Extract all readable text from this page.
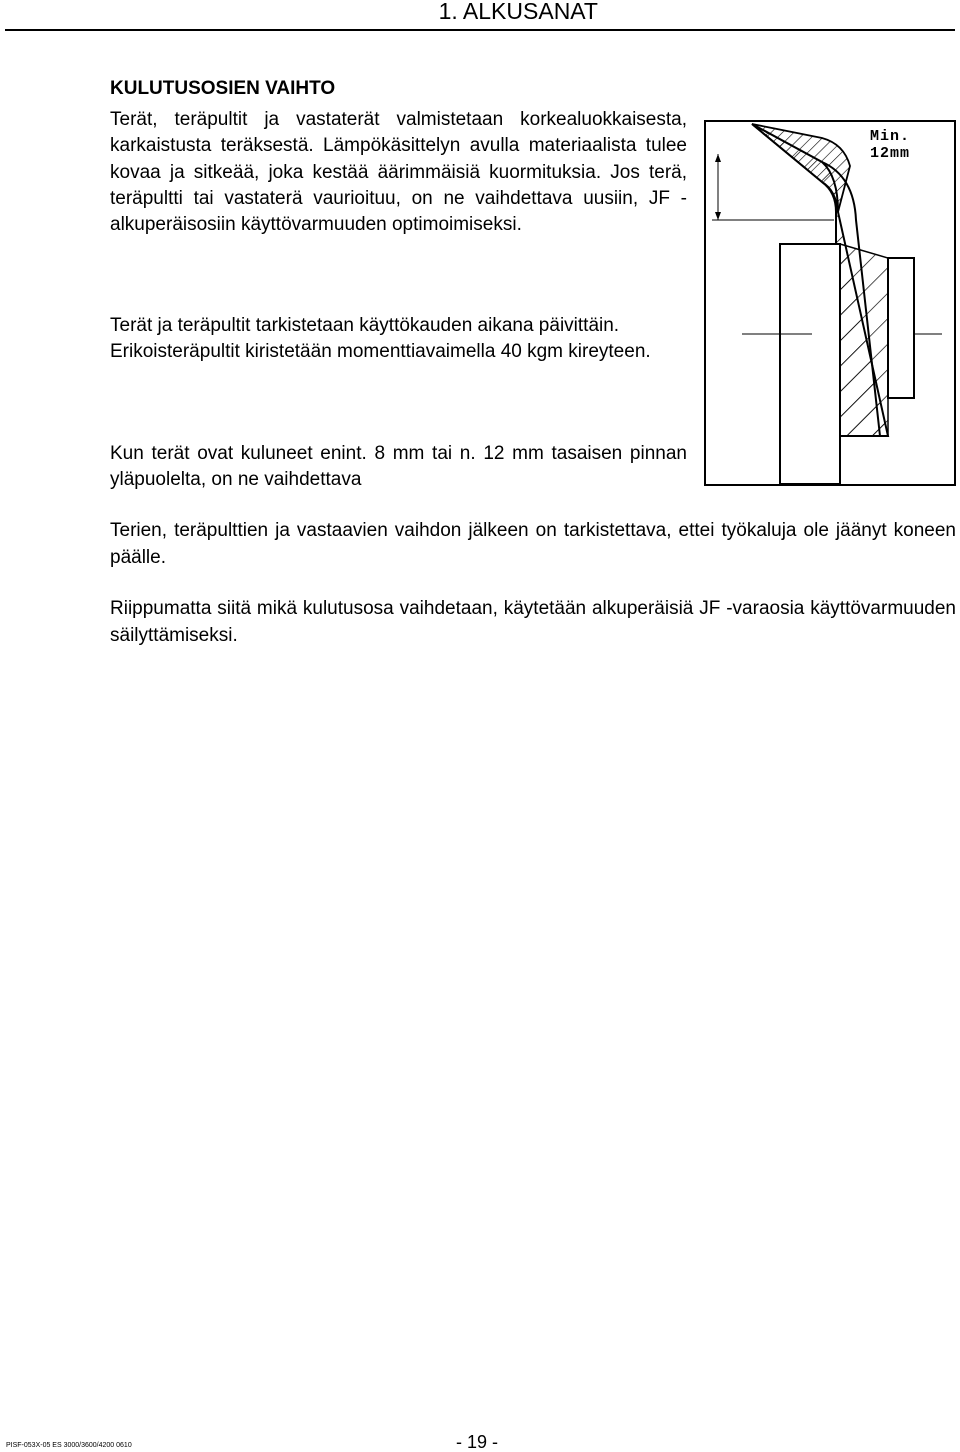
1. ALKUSANAT
KULUTUSOSIEN VAIHTO

Terät, teräpultit ja vastaterät valmistetaan korkealuokkaisesta, karkaistusta teräksestä. Lämpökäsittelyn avulla materiaalista tulee kovaa ja sitkeää, joka kestää äärimmäisiä kuormituksia. Jos terä, teräpultti tai vastaterä vaurioituu, on ne vaihdettava uusiin, JF -alkuperäisosiin käyttövarmuuden optimoimiseksi.

Terät ja teräpultit tarkistetaan käyttökauden aikana päivittäin.
Erikoisteräpultit kiristetään momenttiavaimella 40 kgm kireyteen.

Kun terät ovat kuluneet enint. 8 mm tai n. 12 mm tasaisen pinnan yläpuolelta, on ne vaihdettava

Min.
12mm

Terien, teräpulttien ja vastaavien vaihdon jälkeen on tarkistettava, ettei työkaluja ole jäänyt koneen päälle.

Riippumatta siitä mikä kulutusosa vaihdetaan, käytetään alkuperäisiä JF -varaosia käyttövarmuuden säilyttämiseksi.

PISF-053X-05 ES 3000/3600/4200 0610	- 19 -
